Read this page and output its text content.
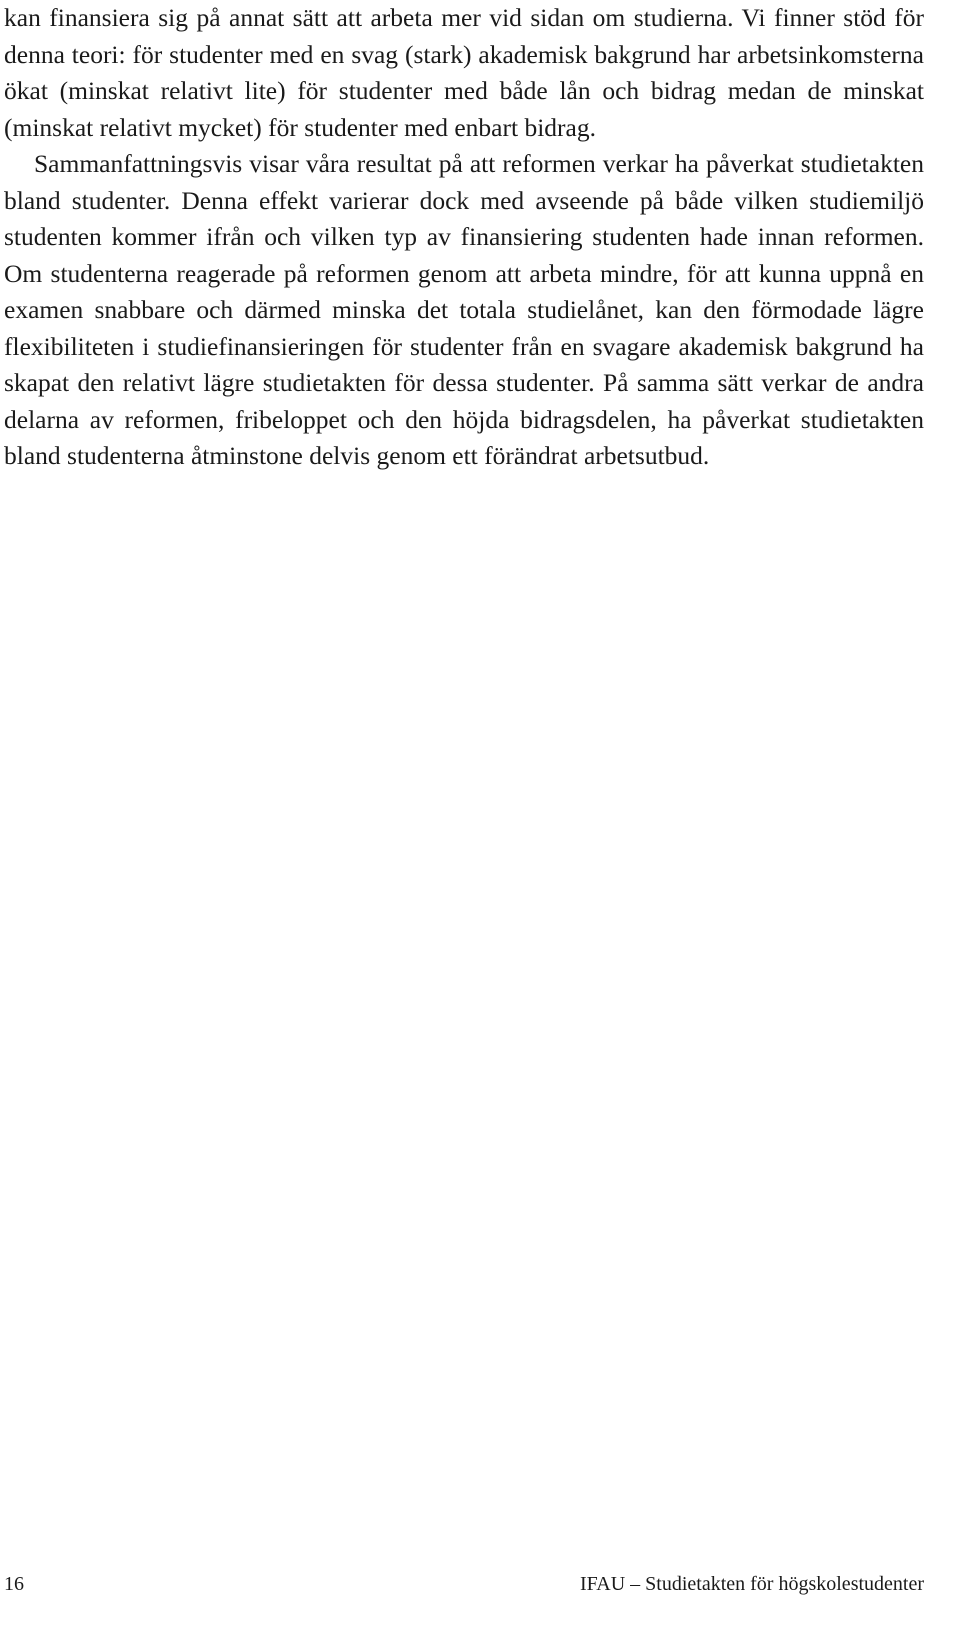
kan finansiera sig på annat sätt att arbeta mer vid sidan om studierna. Vi finner stöd för denna teori: för studenter med en svag (stark) akademisk bakgrund har arbetsinkomsterna ökat (minskat relativt lite) för studenter med både lån och bidrag medan de minskat (minskat relativt mycket) för studenter med enbart bidrag.

Sammanfattningsvis visar våra resultat på att reformen verkar ha påverkat studietakten bland studenter. Denna effekt varierar dock med avseende på både vilken studiemiljö studenten kommer ifrån och vilken typ av finansiering studenten hade innan reformen. Om studenterna reagerade på reformen genom att arbeta mindre, för att kunna uppnå en examen snabbare och därmed minska det totala studielånet, kan den förmodade lägre flexibiliteten i studiefinansieringen för studenter från en svagare akademisk bakgrund ha skapat den relativt lägre studietakten för dessa studenter. På samma sätt verkar de andra delarna av reformen, fribeloppet och den höjda bidragsdelen, ha påverkat studietakten bland studenterna åtminstone delvis genom ett förändrat arbetsutbud.

16	IFAU – Studietakten för högskolestudenter
